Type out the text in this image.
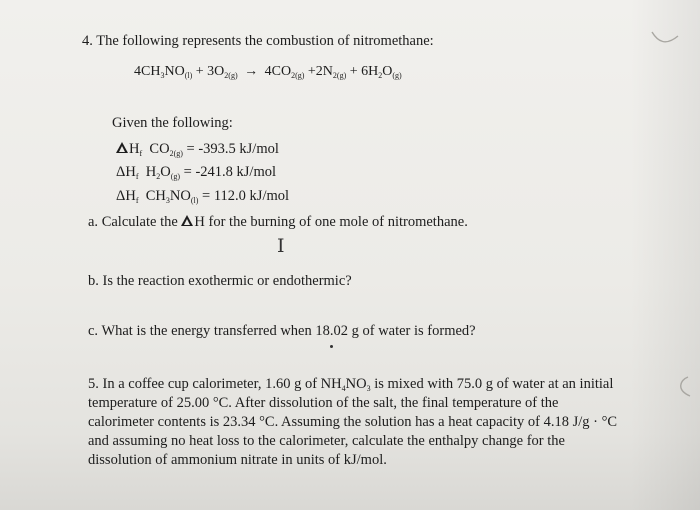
4. The following represents the combustion of nitromethane:
$4CH_3NO_{(l)} + 3O_{2(g)} \to 4CO_{2(g)} +2N_{2(g)} + 6H_2O_{(g)}$
Given the following:
$H_f$ $CO_{2(g)} = -393.5$ kJ/mol
$\Delta H_f$ $H_2O_{(g)} = -241.8$ kJ/mol
$\Delta H_f$ $CH_3NO_{(l)} = 112.0$ kJ/mol
a. Calculate the H for the burning of one mole of nitromethane.
I
b. Is the reaction exothermic or endothermic?
c. What is the energy transferred when 18.02 g of water is formed?
5. In a coffee cup calorimeter, 1.60 g of $NH_4NO_3$ is mixed with 75.0 g of water at an initial
temperature of 25.00 °C. After dissolution of the salt, the final temperature of the
calorimeter contents is 23.34 °C. Assuming the solution has a heat capacity of 4.18 J/g · °C
and assuming no heat loss to the calorimeter, calculate the enthalpy change for the
dissolution of ammonium nitrate in units of kJ/mol.
